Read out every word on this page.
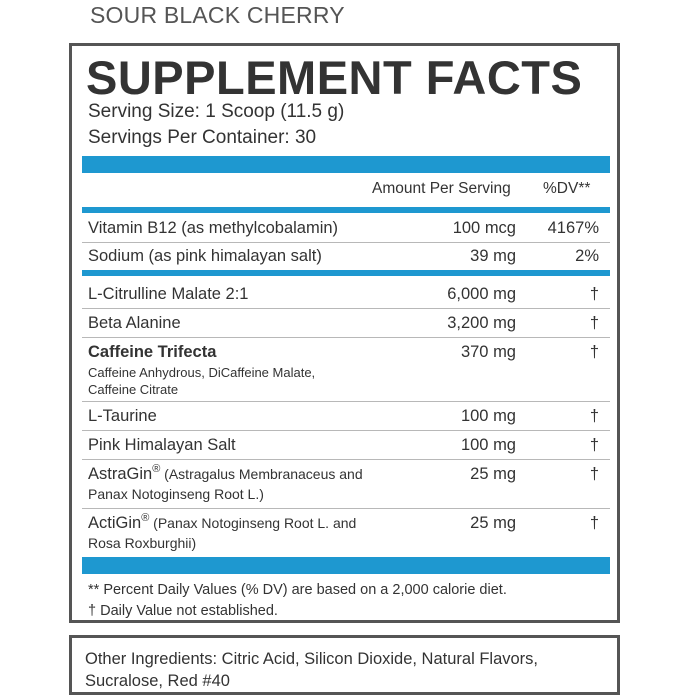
SOUR BLACK CHERRY
SUPPLEMENT FACTS
Serving Size: 1 Scoop (11.5 g)
Servings Per Container: 30
Amount Per Serving %DV**
Vitamin B12 (as methylcobalamin)	100 mcg	4167%
Sodium (as pink himalayan salt)	39 mg	2%
L-Citrulline Malate 2:1	6,000 mg	†
Beta Alanine	3,200 mg	†
Caffeine Trifecta
Caffeine Anhydrous, DiCaffeine Malate,
Caffeine Citrate
370 mg	†
L-Taurine	100 mg	†
Pink Himalayan Salt	100 mg	†
AstraGin® (Astragalus Membranaceus and
Panax Notoginseng Root L.)
25 mg	†
ActiGin® (Panax Notoginseng Root L. and
Rosa Roxburghii)
25 mg	†
** Percent Daily Values (% DV) are based on a 2,000 calorie diet.
† Daily Value not established.
Other Ingredients: Citric Acid, Silicon Dioxide, Natural Flavors, Sucralose, Red #40
